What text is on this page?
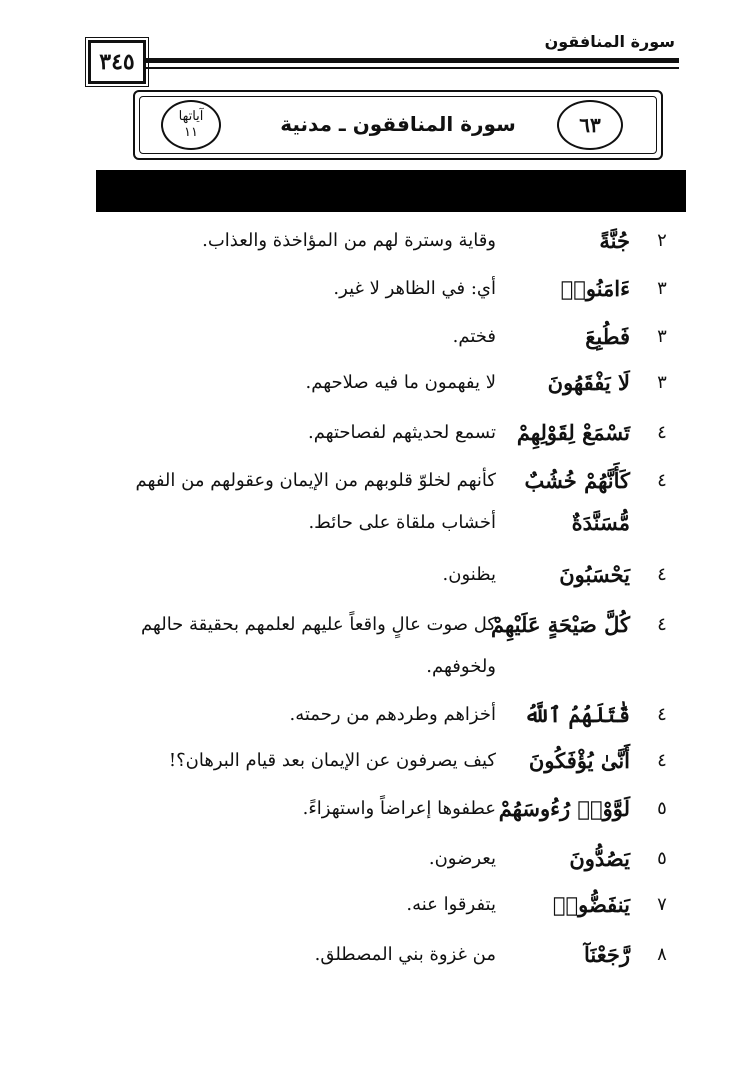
٣٤٥
سورة المنافقون
آياتها
١١	سورة المنافقون ـ مدنية	٦٣
٢
جُنَّةً
وقاية وسترة لهم من المؤاخذة والعذاب.
٣
ءَامَنُوا۟
أي: في الظاهر لا غير.
٣
فَطُبِعَ
فختم.
٣
لَا يَفْقَهُونَ
لا يفهمون ما فيه صلاحهم.
٤
تَسْمَعْ لِقَوْلِهِمْ
تسمع لحديثهم لفصاحتهم.
٤
كَأَنَّهُمْ خُشُبٌ
كأنهم لخلوّ قلوبهم من الإيمان وعقولهم من الفهم
مُّسَنَّدَةٌ
أخشاب ملقاة على حائط.
٤
يَحْسَبُونَ
يظنون.
٤
كُلَّ صَيْحَةٍ عَلَيْهِمْ
كل صوت عالٍ واقعاً عليهم لعلمهم بحقيقة حالهم
ولخوفهم.
٤
قَٰتَلَهُمُ ٱللَّهُ
أخزاهم وطردهم من رحمته.
٤
أَنَّىٰ يُؤْفَكُونَ
كيف يصرفون عن الإيمان بعد قيام البرهان؟!
٥
لَوَّوْا۟ رُءُوسَهُمْ
عطفوها إعراضاً واستهزاءً.
٥
يَصُدُّونَ
يعرضون.
٧
يَنفَضُّوا۟
يتفرقوا عنه.
٨
رَّجَعْنَآ
من غزوة بني المصطلق.
